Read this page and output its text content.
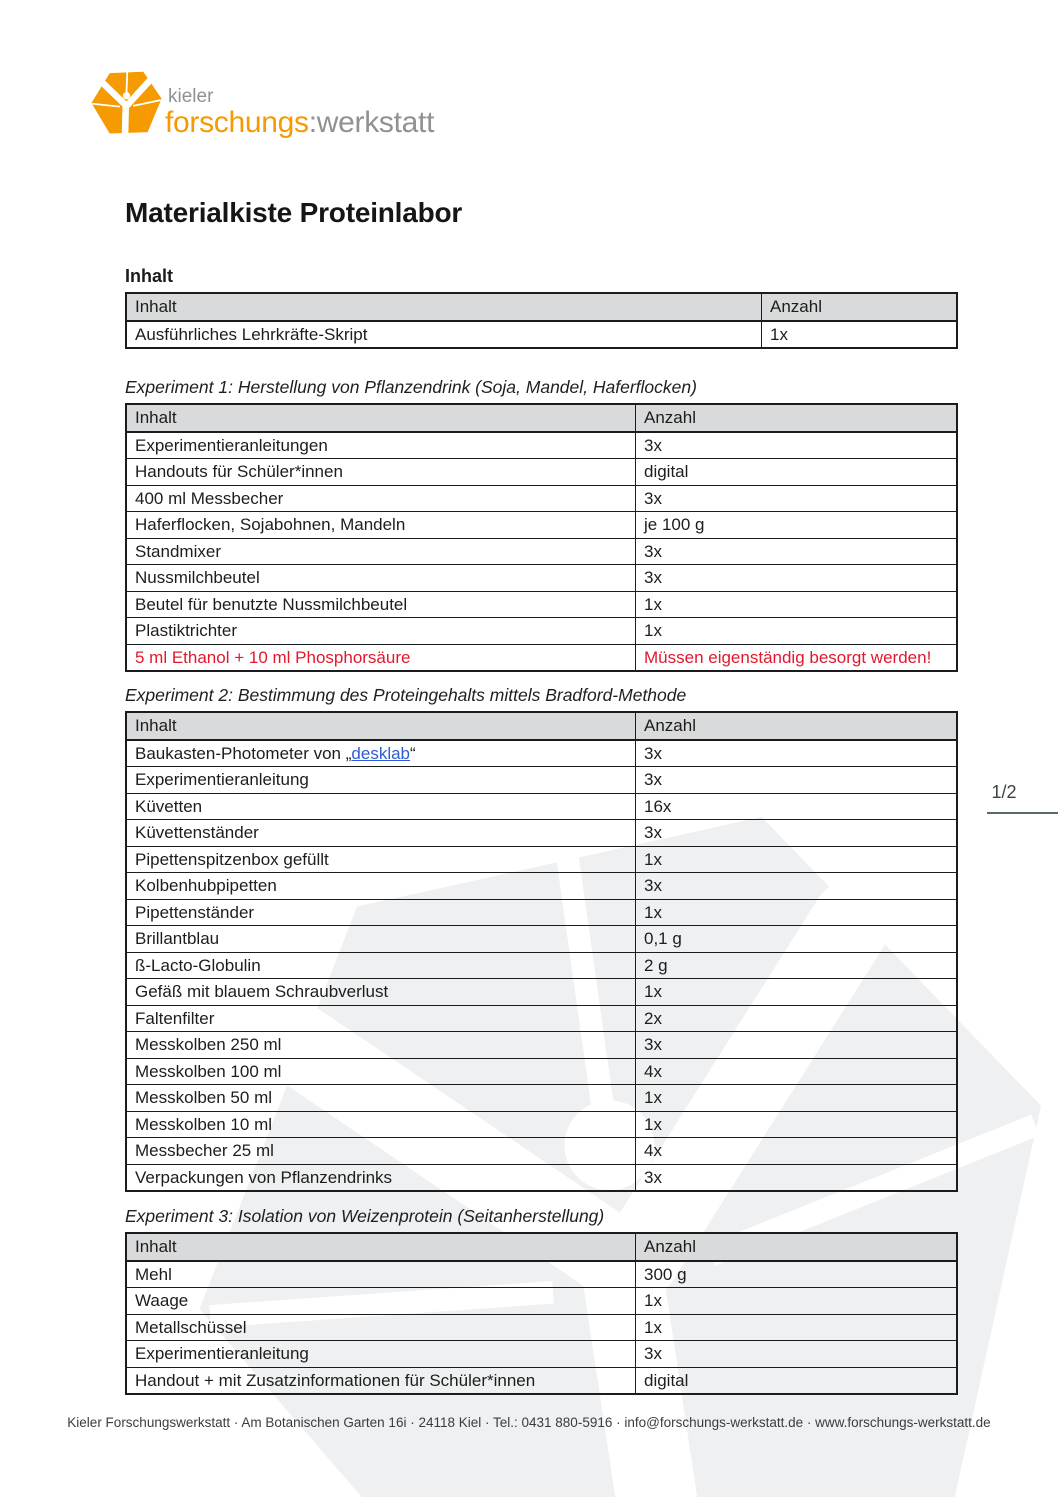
kieler
forschungs:werkstatt
Materialkiste Proteinlabor
Inhalt
Inhalt	Anzahl
Ausführliches Lehrkräfte-Skript	1x
Experiment 1: Herstellung von Pflanzendrink (Soja, Mandel, Haferflocken)
Inhalt	Anzahl
Experimentieranleitungen	3x
Handouts für Schüler*innen	digital
400 ml Messbecher	3x
Haferflocken, Sojabohnen, Mandeln	je 100 g
Standmixer	3x
Nussmilchbeutel	3x
Beutel für benutzte Nussmilchbeutel	1x
Plastiktrichter	1x
5 ml Ethanol + 10 ml Phosphorsäure	Müssen eigenständig besorgt werden!
Experiment 2: Bestimmung des Proteingehalts mittels Bradford-Methode
Inhalt	Anzahl
Baukasten-Photometer von „desklab“	3x
Experimentieranleitung	3x
Küvetten	16x
Küvettenständer	3x
Pipettenspitzenbox gefüllt	1x
Kolbenhubpipetten	3x
Pipettenständer	1x
Brillantblau	0,1 g
ß-Lacto-Globulin	2 g
Gefäß mit blauem Schraubverlust	1x
Faltenfilter	2x
Messkolben 250 ml	3x
Messkolben 100 ml	4x
Messkolben 50 ml	1x
Messkolben 10 ml	1x
Messbecher 25 ml	4x
Verpackungen von Pflanzendrinks	3x
Experiment 3: Isolation von Weizenprotein (Seitanherstellung)
Inhalt	Anzahl
Mehl	300 g
Waage	1x
Metallschüssel	1x
Experimentieranleitung	3x
Handout + mit Zusatzinformationen für Schüler*innen	digital
1/2
Kieler Forschungswerkstatt · Am Botanischen Garten 16i · 24118 Kiel · Tel.: 0431 880-5916 · info@forschungs-werkstatt.de · www.forschungs-werkstatt.de
